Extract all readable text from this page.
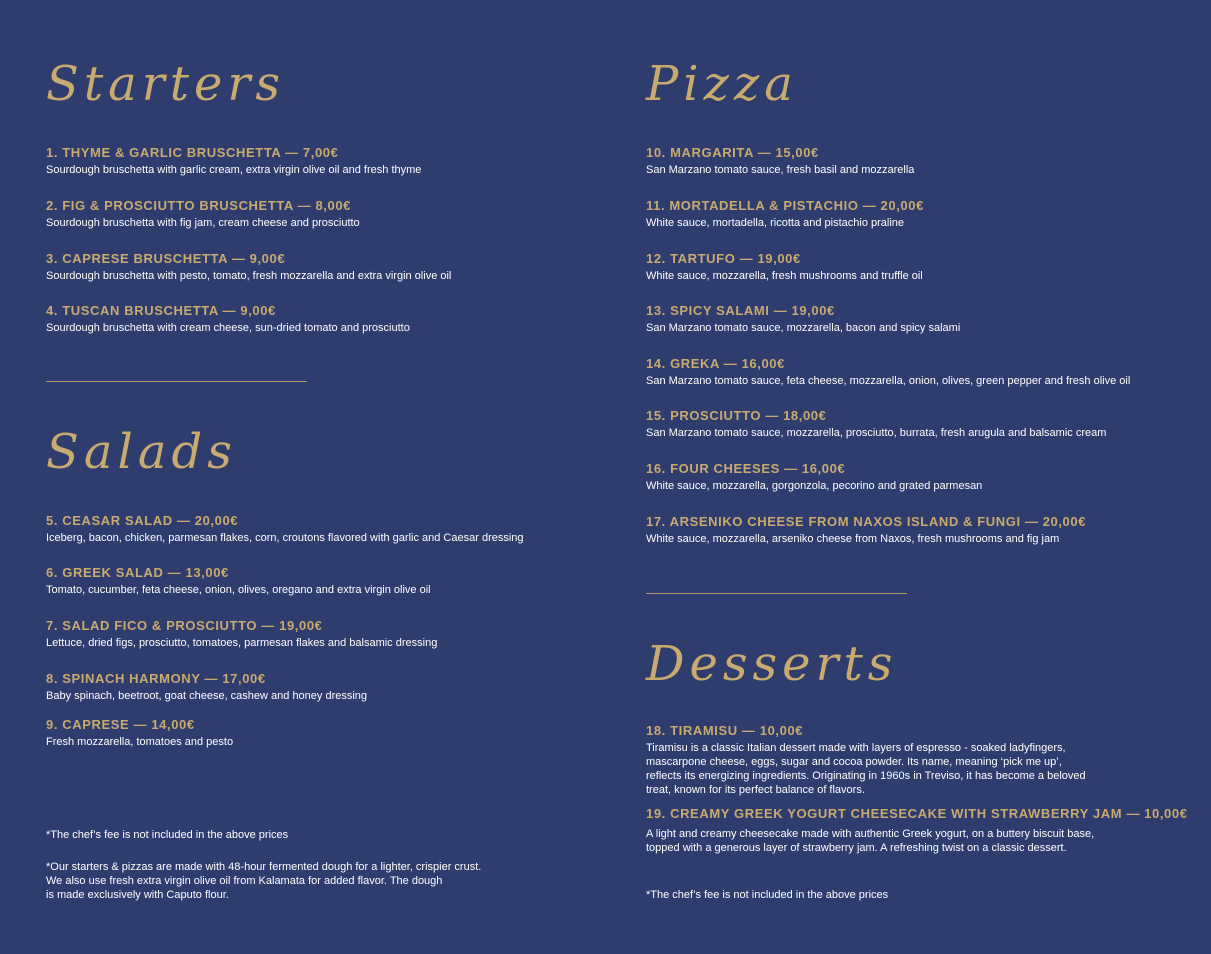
Starters
1. THYME & GARLIC BRUSCHETTA — 7,00€
Sourdough bruschetta with garlic cream, extra virgin olive oil and fresh thyme
2. FIG & PROSCIUTTO BRUSCHETTA — 8,00€
Sourdough bruschetta with fig jam, cream cheese and prosciutto
3. CAPRESE BRUSCHETTA — 9,00€
Sourdough bruschetta with pesto, tomato, fresh mozzarella and extra virgin olive oil
4. TUSCAN BRUSCHETTA — 9,00€
Sourdough bruschetta with cream cheese, sun-dried tomato and prosciutto
Salads
5. CEASAR SALAD — 20,00€
Iceberg, bacon, chicken, parmesan flakes, corn, croutons flavored with garlic and Caesar dressing
6. GREEK SALAD — 13,00€
Tomato, cucumber, feta cheese, onion, olives, oregano and extra virgin olive oil
7. SALAD FICO & PROSCIUTTO — 19,00€
Lettuce, dried figs, prosciutto, tomatoes, parmesan flakes and balsamic dressing
8. SPINACH HARMONY — 17,00€
Baby spinach, beetroot, goat cheese, cashew and honey dressing
9. CAPRESE — 14,00€
Fresh mozzarella, tomatoes and pesto
*The chef’s fee is not included in the above prices
*Our starters & pizzas are made with 48-hour fermented dough for a lighter, crispier crust.
We also use fresh extra virgin olive oil from Kalamata for added flavor. The dough
is made exclusively with Caputo flour.
Pizza
10. MARGARITA — 15,00€
San Marzano tomato sauce, fresh basil and mozzarella
11. MORTADELLA & PISTACHIO — 20,00€
White sauce, mortadella, ricotta and pistachio praline
12. TARTUFO — 19,00€
White sauce, mozzarella, fresh mushrooms and truffle oil
13. SPICY SALAMI — 19,00€
San Marzano tomato sauce, mozzarella, bacon and spicy salami
14. GREKA — 16,00€
San Marzano tomato sauce, feta cheese, mozzarella, onion, olives, green pepper and fresh olive oil
15. PROSCIUTTO — 18,00€
San Marzano tomato sauce, mozzarella, prosciutto, burrata, fresh arugula and balsamic cream
16. FOUR CHEESES — 16,00€
White sauce, mozzarella, gorgonzola, pecorino and grated parmesan
17. ARSENIKO CHEESE FROM NAXOS ISLAND & FUNGI — 20,00€
White sauce, mozzarella, arseniko cheese from Naxos, fresh mushrooms and fig jam
Desserts
18. TIRAMISU — 10,00€
Tiramisu is a classic Italian dessert made with layers of espresso - soaked ladyfingers,
mascarpone cheese, eggs, sugar and cocoa powder. Its name, meaning ‘pick me up’,
reflects its energizing ingredients. Originating in 1960s in Treviso, it has become a beloved
treat, known for its perfect balance of flavors.
19. CREAMY GREEK YOGURT CHEESECAKE WITH STRAWBERRY JAM — 10,00€
A light and creamy cheesecake made with authentic Greek yogurt, on a buttery biscuit base,
topped with a generous layer of strawberry jam. A refreshing twist on a classic dessert.
*The chef’s fee is not included in the above prices
